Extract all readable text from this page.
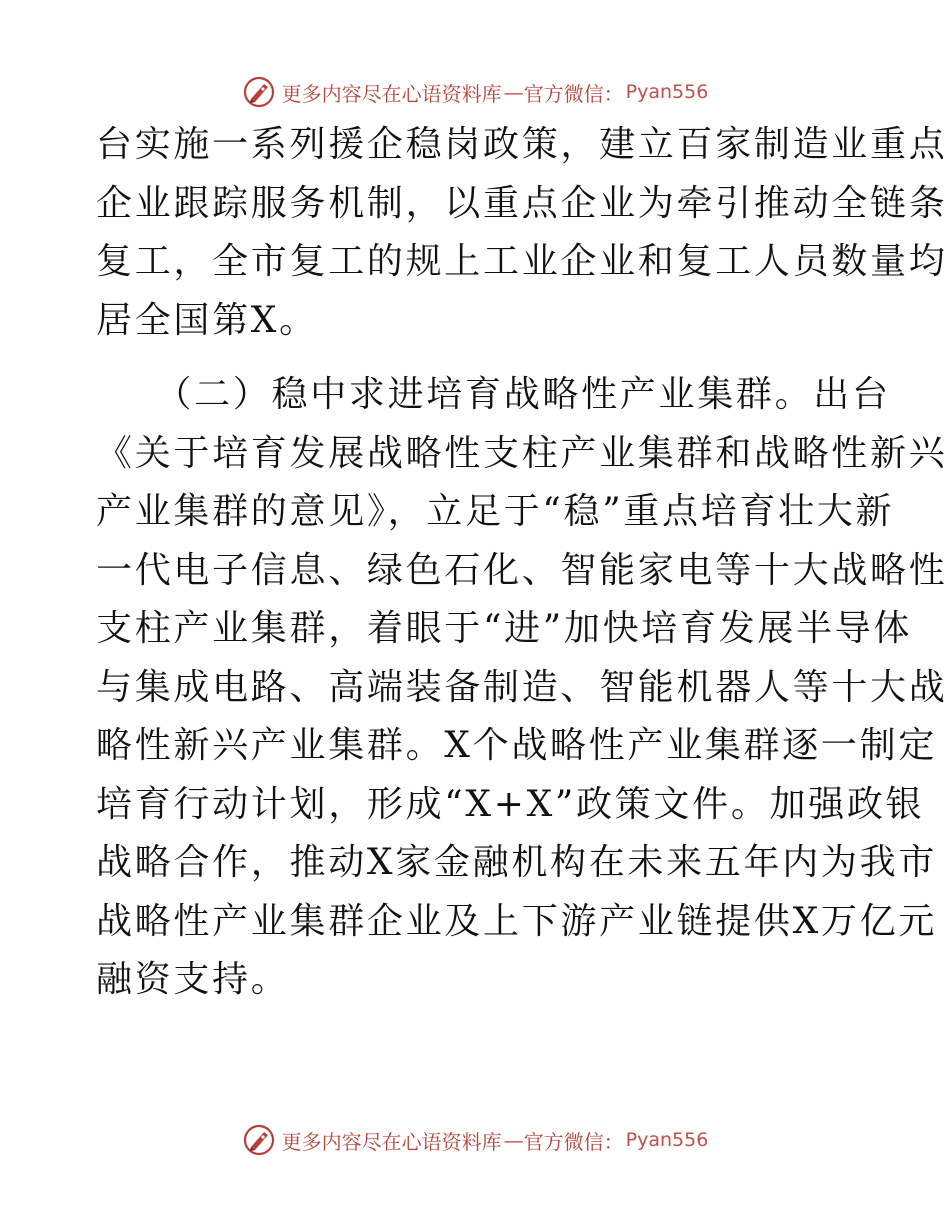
更多内容尽在心语资料库 — 官方微信： Pyan556
台实施一系列援企稳岗政策，建立百家制造业重点
企业跟踪服务机制，以重点企业为牵引推动全链条
复工，全市复工的规上工业企业和复工人员数量均
居全国第X。
　　（二）稳中求进培育战略性产业集群。出台
《关于培育发展战略性支柱产业集群和战略性新兴
产业集群的意见》，立足于“稳”重点培育壮大新
一代电子信息、绿色石化、智能家电等十大战略性
支柱产业集群，着眼于“进”加快培育发展半导体
与集成电路、高端装备制造、智能机器人等十大战
略性新兴产业集群。X个战略性产业集群逐一制定
培育行动计划，形成“X+X”政策文件。加强政银
战略合作，推动X家金融机构在未来五年内为我市
战略性产业集群企业及上下游产业链提供X万亿元
融资支持。
更多内容尽在心语资料库 — 官方微信： Pyan556
